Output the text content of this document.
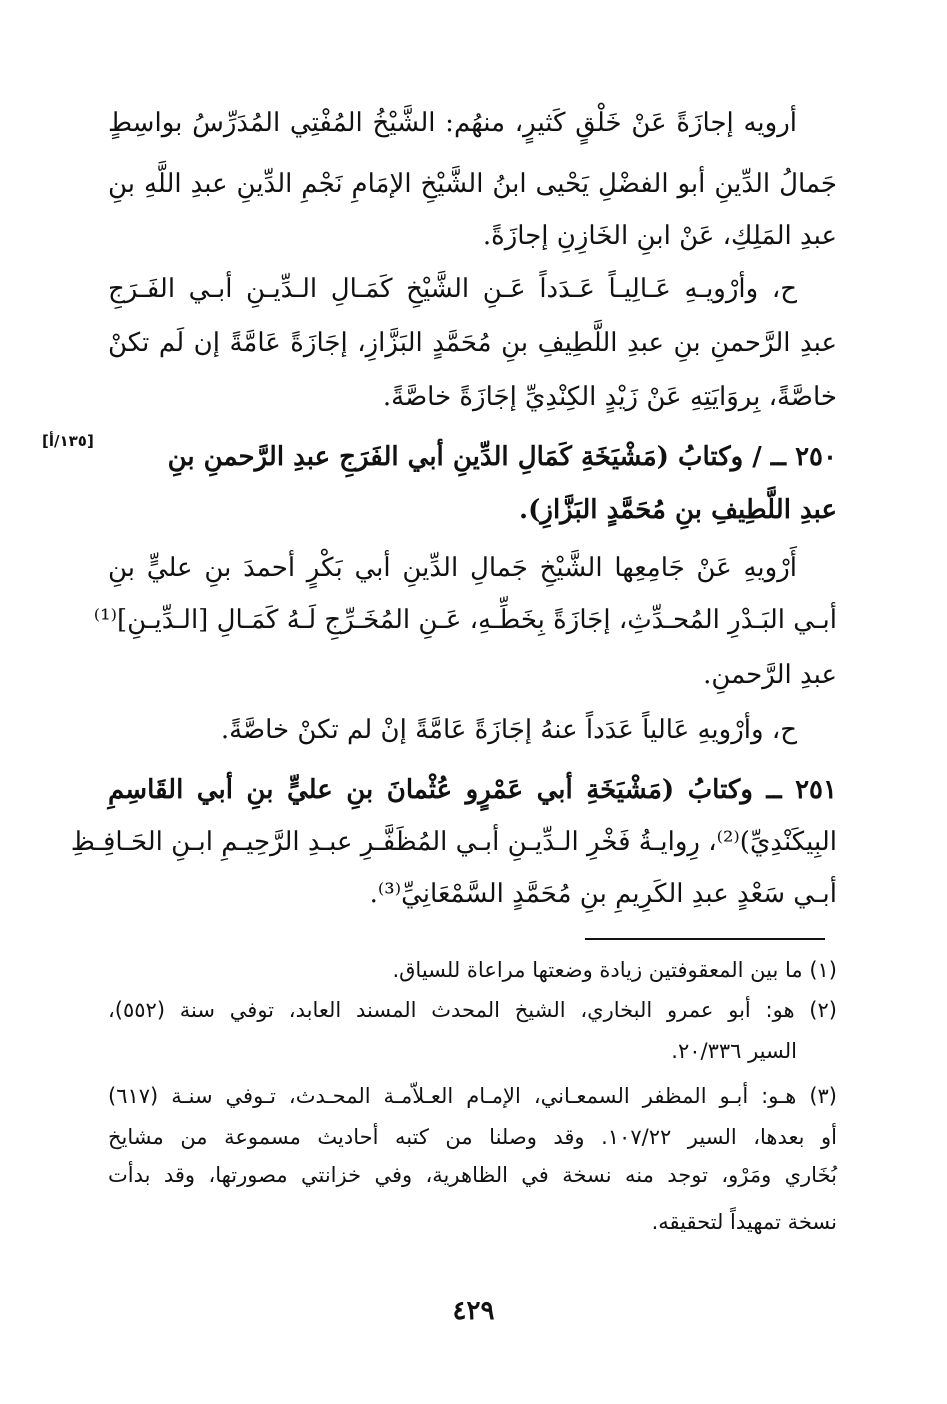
أرويه إجازَةً عَنْ خَلْقٍ كَثيرٍ، منهُم: الشَّيْخُ المُفْتِي المُدَرِّسُ بواسِطٍ
جَمالُ الدِّينِ أبو الفضْلِ يَحْيى ابنُ الشَّيْخِ الإمَامِ نَجْمِ الدِّينِ عبدِ اللَّهِ بنِ
عبدِ المَلِكِ، عَنْ ابنِ الخَازِنِ إجازَةً.
ح، وأرْويـهِ عَـالِيـاً عَـدَداً عَـنِ الشَّيْخِ كَمَـالِ الـدِّيـنِ أبـي الفَـرَجِ
عبدِ الرَّحمنِ بنِ عبدِ اللَّطِيفِ بنِ مُحَمَّدٍ البَزَّازِ، إجَازَةً عَامَّةً إن لَم تكنْ
خاصَّةً، بِروَايَتِهِ عَنْ زَيْدٍ الكِنْدِيِّ إجَازَةً خاصَّةً.
٢٥٠ ــ / وكتابُ (مَشْيَخَةِ كَمَالِ الدِّينِ أبي الفَرَجِ عبدِ الرَّحمنِ بنِ
[١٣٥/أ]
عبدِ اللَّطِيفِ بنِ مُحَمَّدٍ البَزَّازِ).
أَرْويهِ عَنْ جَامِعِها الشَّيْخِ جَمالِ الدِّينِ أبي بَكْرٍ أحمدَ بنِ عليٍّ بنِ
أبـي البَـدْرِ المُحـدِّثِ، إجَازَةً بِخَطِّـهِ، عَـنِ المُخَـرِّجِ لَـهُ كَمَـالِ [الـدِّيـنِ]⁽¹⁾
عبدِ الرَّحمنِ.
ح، وأرْويهِ عَالياً عَدَداً عنهُ إجَازَةً عَامَّةً إنْ لم تكنْ خاصَّةً.
٢٥١ ــ وكتابُ (مَشْيَخَةِ أبي عَمْرٍو عُثْمانَ بنِ عليٍّ بنِ أبي القَاسِمِ
البِيكَنْدِيِّ)⁽²⁾، رِوايـةُ فَخْرِ الـدِّيـنِ أبـي المُظَفَّـرِ عبـدِ الرَّحِيـمِ ابـنِ الحَـافِـظِ
أبـي سَعْدٍ عبدِ الكَرِيمِ بنِ مُحَمَّدٍ السَّمْعَانِيِّ⁽³⁾.
(١) ما بين المعقوفتين زيادة وضعتها مراعاة للسياق.
(٢) هو: أبو عمرو البخاري، الشيخ المحدث المسند العابد، توفي سنة (٥٥٢)،
السير ٢٠/٣٣٦.
(٣) هـو: أبـو المظفر السمعـاني، الإمـام العـلاّمـة المحـدث، تـوفي سنـة (٦١٧)
أو بعدها، السير ١٠٧/٢٢. وقد وصلنا من كتبه أحاديث مسموعة من مشايخ
بُخَاري ومَرْو، توجد منه نسخة في الظاهرية، وفي خزانتي مصورتها، وقد بدأت
نسخة تمهيداً لتحقيقه.
٤٢٩
